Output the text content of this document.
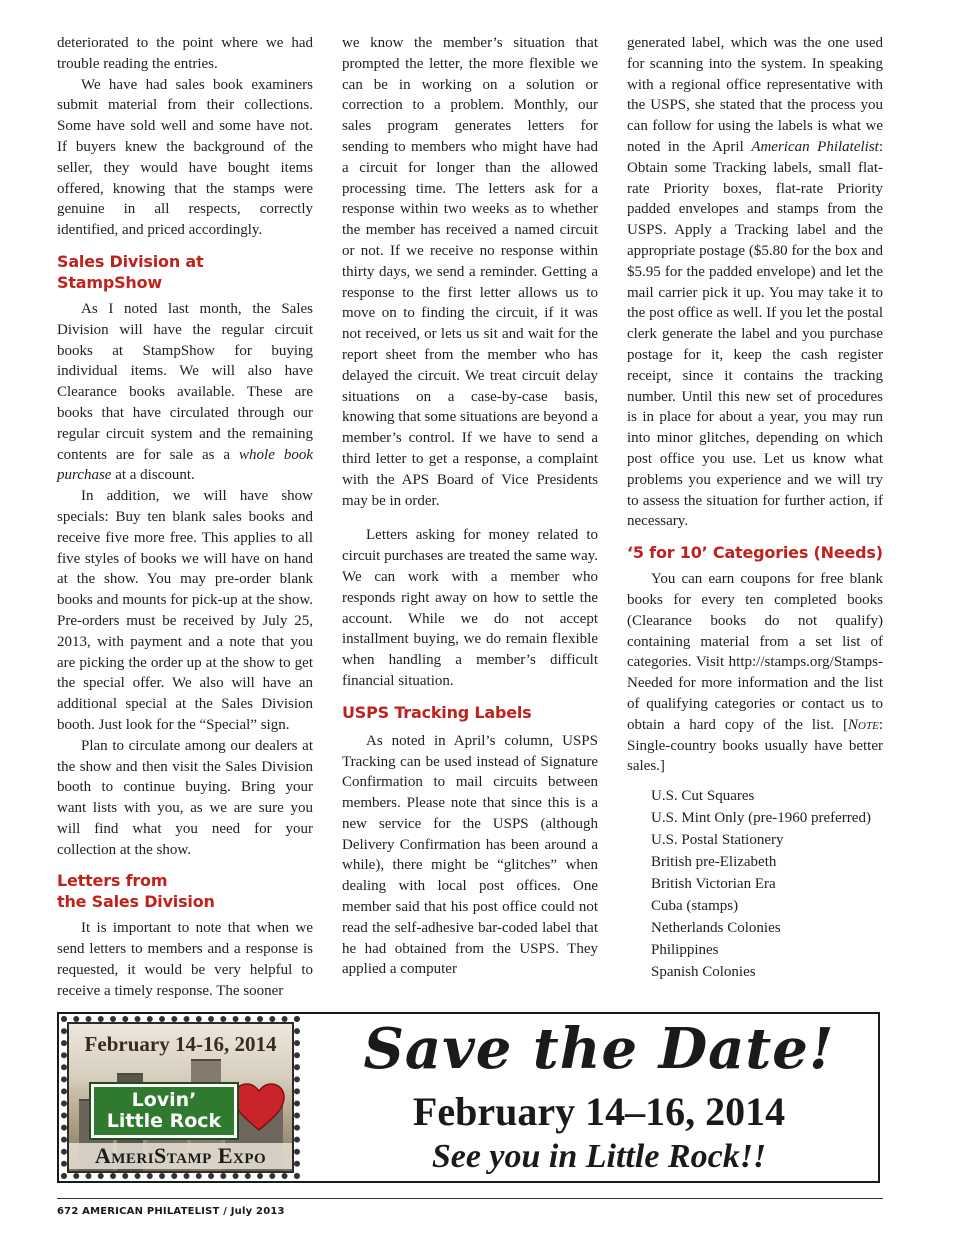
deteriorated to the point where we had trouble reading the entries.

We have had sales book examiners submit material from their collections. Some have sold well and some have not. If buyers knew the background of the seller, they would have bought items offered, knowing that the stamps were genuine in all respects, correctly identified, and priced accordingly.

Sales Division at StampShow

As I noted last month, the Sales Division will have the regular circuit books at StampShow for buying individual items. We will also have Clearance books available. These are books that have circulated through our regular circuit system and the remaining contents are for sale as a whole book purchase at a discount.

In addition, we will have show specials: Buy ten blank sales books and receive five more free. This applies to all five styles of books we will have on hand at the show. You may pre-order blank books and mounts for pick-up at the show. Pre-orders must be received by July 25, 2013, with payment and a note that you are picking the order up at the show to get the special offer. We also will have an additional special at the Sales Division booth. Just look for the “Special” sign.

Plan to circulate among our dealers at the show and then visit the Sales Division booth to continue buying. Bring your want lists with you, as we are sure you will find what you need for your collection at the show.

Letters from
the Sales Division

It is important to note that when we send letters to members and a response is requested, it would be very helpful to receive a timely response. The sooner

we know the member’s situation that prompted the letter, the more flexible we can be in working on a solution or correction to a problem. Monthly, our sales program generates letters for sending to members who might have had a circuit for longer than the allowed processing time. The letters ask for a response within two weeks as to whether the member has received a named circuit or not. If we receive no response within thirty days, we send a reminder. Getting a response to the first letter allows us to move on to finding the circuit, if it was not received, or lets us sit and wait for the report sheet from the member who has delayed the circuit. We treat circuit delay situations on a case-by-case basis, knowing that some situations are beyond a member’s control. If we have to send a third letter to get a response, a complaint with the APS Board of Vice Presidents may be in order.

Letters asking for money related to circuit purchases are treated the same way. We can work with a member who responds right away on how to settle the account. While we do not accept installment buying, we do remain flexible when handling a member’s difficult financial situation.

USPS Tracking Labels

As noted in April’s column, USPS Tracking can be used instead of Signature Confirmation to mail circuits between members. Please note that since this is a new service for the USPS (although Delivery Confirmation has been around a while), there might be “glitches” when dealing with local post offices. One member said that his post office could not read the self-adhesive bar-coded label that he had obtained from the USPS. They applied a computer

generated label, which was the one used for scanning into the system. In speaking with a regional office representative with the USPS, she stated that the process you can follow for using the labels is what we noted in the April American Philatelist: Obtain some Tracking labels, small flat-rate Priority boxes, flat-rate Priority padded envelopes and stamps from the USPS. Apply a Tracking label and the appropriate postage ($5.80 for the box and $5.95 for the padded envelope) and let the mail carrier pick it up. You may take it to the post office as well. If you let the postal clerk generate the label and you purchase postage for it, keep the cash register receipt, since it contains the tracking number. Until this new set of procedures is in place for about a year, you may run into minor glitches, depending on which post office you use. Let us know what problems you experience and we will try to assess the situation for further action, if necessary.

‘5 for 10’ Categories (Needs)

You can earn coupons for free blank books for every ten completed books (Clearance books do not qualify) containing material from a set list of categories. Visit http://stamps.org/Stamps-Needed for more information and the list of qualifying categories or contact us to obtain a hard copy of the list. [Note: Single-country books usually have better sales.]

U.S. Cut Squares
U.S. Mint Only (pre-1960 preferred)
U.S. Postal Stationery
British pre-Elizabeth
British Victorian Era
Cuba (stamps)
Netherlands Colonies
Philippines
Spanish Colonies
February 14-16, 2014
Lovin’
Little Rock
AmeriStamp Expo
Save the Date!
February 14–16, 2014
See you in Little Rock!!
672 AMERICAN PHILATELIST / July 2013
